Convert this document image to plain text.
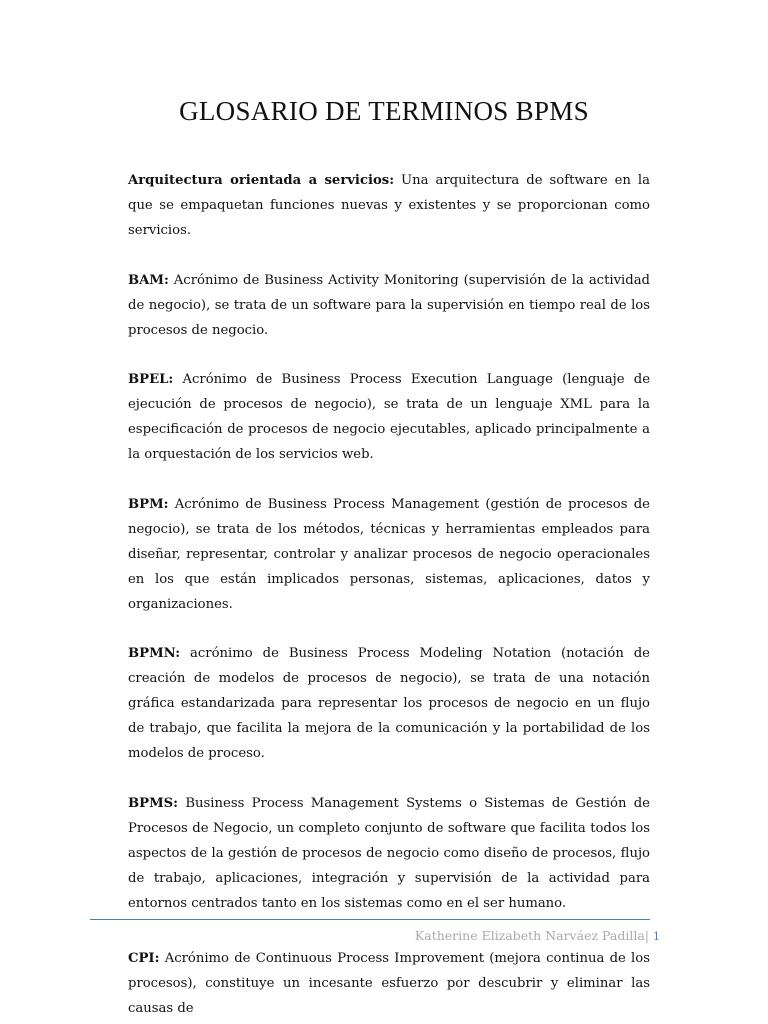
GLOSARIO DE TERMINOS BPMS

Arquitectura orientada a servicios: Una arquitectura de software en la que se empaquetan funciones nuevas y existentes y se proporcionan como servicios.

BAM: Acrónimo de Business Activity Monitoring (supervisión de la actividad de negocio), se trata de un software para la supervisión en tiempo real de los procesos de negocio.

BPEL: Acrónimo de Business Process Execution Language (lenguaje de ejecución de procesos de negocio), se trata de un lenguaje XML para la especificación de procesos de negocio ejecutables, aplicado principalmente a la orquestación de los servicios web.

BPM: Acrónimo de Business Process Management (gestión de procesos de negocio), se trata de los métodos, técnicas y herramientas empleados para diseñar, representar, controlar y analizar procesos de negocio operacionales en los que están implicados personas, sistemas, aplicaciones, datos y organizaciones.

BPMN: acrónimo de Business Process Modeling Notation (notación de creación de modelos de procesos de negocio), se trata de una notación gráfica estandarizada para representar los procesos de negocio en un flujo de trabajo, que facilita la mejora de la comunicación y la portabilidad de los modelos de proceso.

BPMS: Business Process Management Systems o Sistemas de Gestión de Procesos de Negocio, un completo conjunto de software que facilita todos los aspectos de la gestión de procesos de negocio como diseño de procesos, flujo de trabajo, aplicaciones, integración y supervisión de la actividad para entornos centrados tanto en los sistemas como en el ser humano.

CPI: Acrónimo de Continuous Process Improvement (mejora continua de los procesos), constituye un incesante esfuerzo por descubrir y eliminar las causas de

Katherine Elizabeth Narváez Padilla| 1
